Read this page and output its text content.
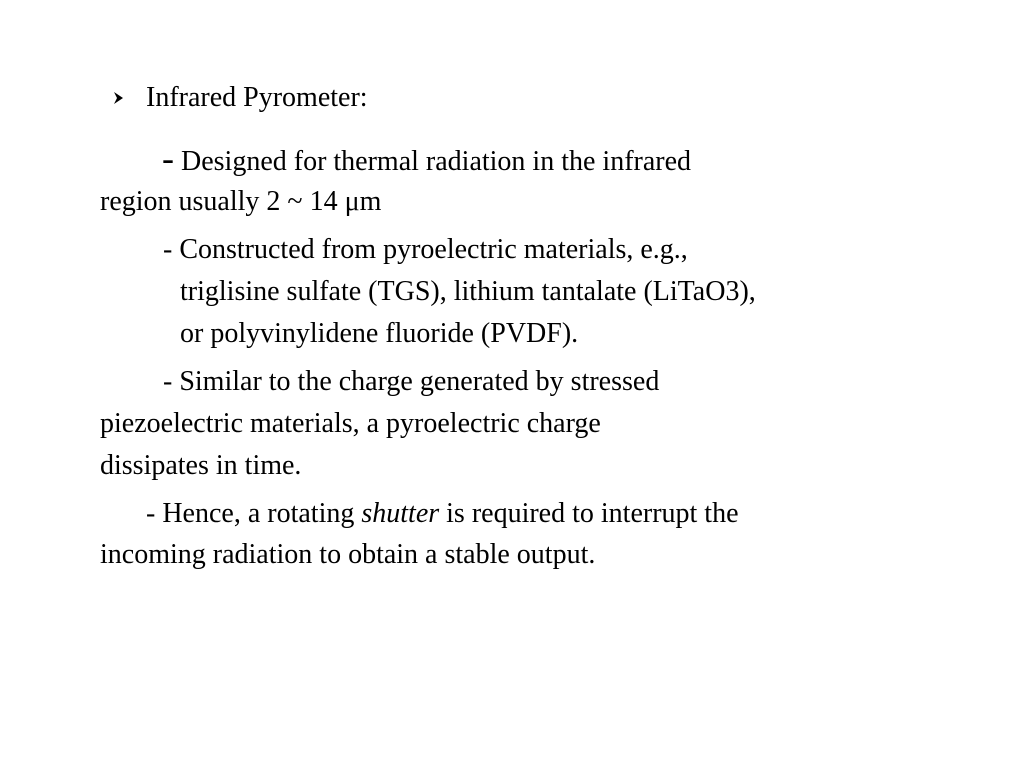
Infrared Pyrometer:
- Designed for thermal radiation in the infrared
region usually 2 ~ 14 μm
- Constructed from pyroelectric materials, e.g.,
triglisine sulfate (TGS), lithium tantalate (LiTaO3),
or polyvinylidene fluoride (PVDF).
- Similar to the charge generated by stressed
piezoelectric materials, a pyroelectric charge
dissipates in time.
- Hence, a rotating shutter is required to interrupt the
incoming radiation to obtain a stable output.
